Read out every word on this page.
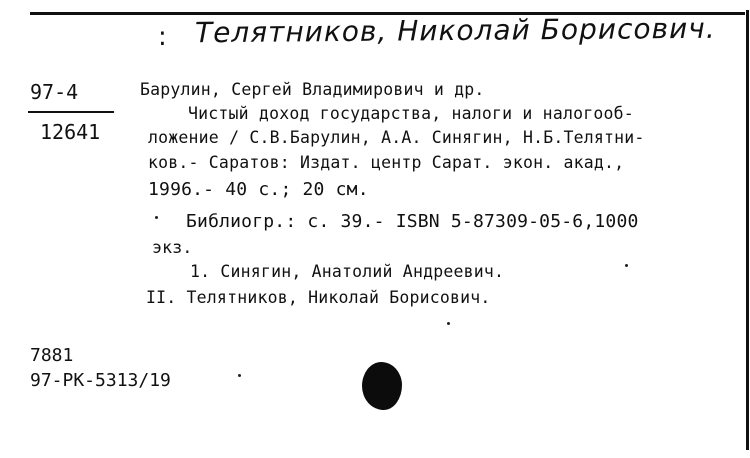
: Телятников, Николай Борисович.
97-4
12641
Барулин, Сергей Владимирович и др.
Чистый доход государства, налоги и налогооб-
ложение / С.В.Барулин, А.А. Синягин, Н.Б.Телятни-
ков.- Саратов: Издат. центр Сарат. экон. акад.,
1996.- 40 с.; 20 см.
Библиогр.: с. 39.- ISBN 5-87309-05-6,1000
экз.
1. Синягин, Анатолий Андреевич.
II. Телятников, Николай Борисович.
7881
97-РК-5313/19
